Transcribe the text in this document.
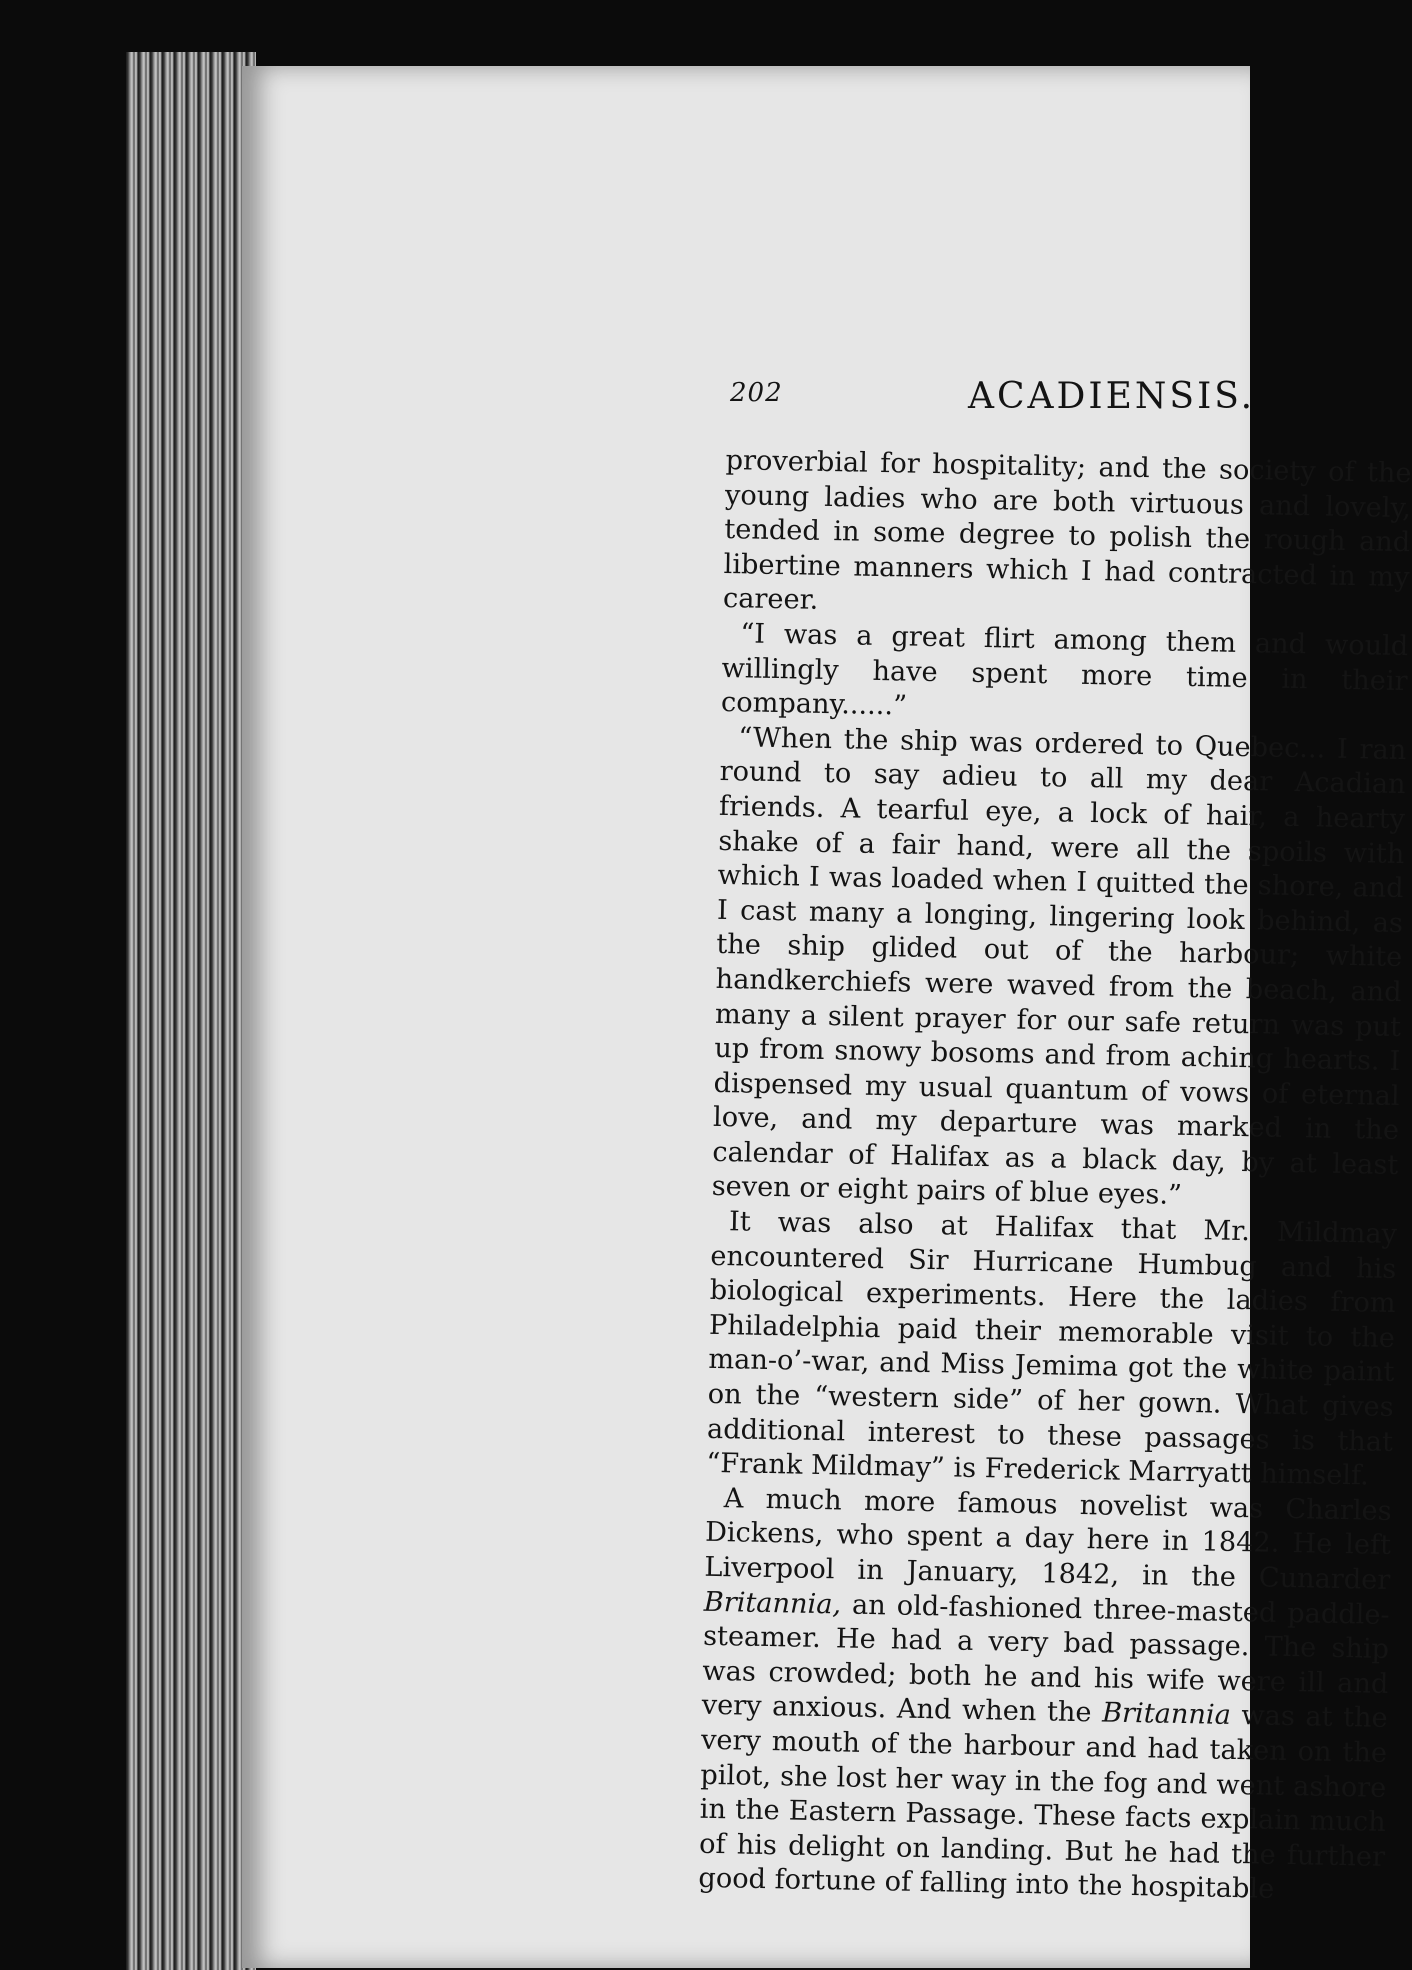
202	ACADIENSIS.

proverbial for hospitality; and the society of the young ladies who are both virtuous and lovely, tended in some degree to polish the rough and libertine manners which I had contracted in my career.

“I was a great flirt among them and would willingly have spent more time in their company......”

“When the ship was ordered to Quebec... I ran round to say adieu to all my dear Acadian friends. A tearful eye, a lock of hair, a hearty shake of a fair hand, were all the spoils with which I was loaded when I quitted the shore, and I cast many a longing, lingering look behind, as the ship glided out of the harbour; white handkerchiefs were waved from the beach, and many a silent prayer for our safe return was put up from snowy bosoms and from aching hearts. I dispensed my usual quantum of vows of eternal love, and my departure was marked in the calendar of Halifax as a black day, by at least seven or eight pairs of blue eyes.”

It was also at Halifax that Mr. Mildmay encountered Sir Hurricane Humbug and his biological experiments. Here the ladies from Philadelphia paid their memorable visit to the man-o’-war, and Miss Jemima got the white paint on the “western side” of her gown. What gives additional interest to these passages is that “Frank Mildmay” is Frederick Marryatt himself.

A much more famous novelist was Charles Dickens, who spent a day here in 1842. He left Liverpool in January, 1842, in the Cunarder Britannia, an old-fashioned three-masted paddle-steamer. He had a very bad passage. The ship was crowded; both he and his wife were ill and very anxious. And when the Britannia was at the very mouth of the harbour and had taken on the pilot, she lost her way in the fog and went ashore in the Eastern Passage. These facts explain much of his delight on landing. But he had the further good fortune of falling into the hospitable
